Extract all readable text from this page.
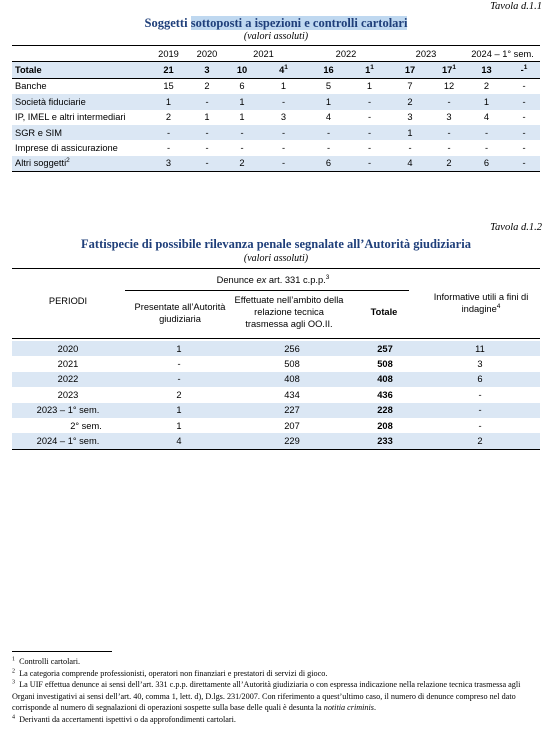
Tavola d.1.1
Soggetti sottoposti a ispezioni e controlli cartolari
(valori assoluti)
	2019	2020	2021		2022		2023		2024 – 1° sem.	
Totale	21	3	10	$4^1$	16	$1^1$	17	$17^1$	13	-$^1$
Banche	15	2	6	1	5	1	7	12	2	-
Società fiduciarie	1	-	1	-	1	-	2	-	1	-
IP, IMEL e altri intermediari	2	1	1	3	4	-	3	3	4	-
SGR e SIM	-	-	-	-	-	-	1	-	-	-
Imprese di assicurazione	-	-	-	-	-	-	-	-	-	-
Altri soggetti$^2$	3	-	2	-	6	-	4	2	6	-
Tavola d.1.2
Fattispecie di possibile rilevanza penale segnalate all’Autorità giudiziaria
(valori assoluti)
Denunce ex art. 331 c.p.p.$^3$
PERIODI
Presentate all’Autorità giudiziaria
Effettuate nell’ambito della relazione tecnica trasmessa agli OO.II.
Totale
Informative utili a fini di indagine$^4$
2020	1	256	257	11
2021	-	508	508	3
2022	-	408	408	6
2023	2	434	436	-
2023 – 1° sem.	1	227	228	-
2° sem.	1	207	208	-
2024 – 1° sem.	4	229	233	2
$^1$ Controlli cartolari.
$^2$ La categoria comprende professionisti, operatori non finanziari e prestatori di servizi di gioco.
$^3$ La UIF effettua denunce ai sensi dell’art. 331 c.p.p. direttamente all’Autorità giudiziaria o con espressa indicazione nella relazione tecnica trasmessa agli Organi investigativi ai sensi dell’art. 40, comma 1, lett. d), D.lgs. 231/2007. Con riferimento a quest’ultimo caso, il numero di denunce compreso nel dato corrisponde al numero di segnalazioni di operazioni sospette sulla base delle quali è desunta la notitia criminis.
$^4$ Derivanti da accertamenti ispettivi o da approfondimenti cartolari.
